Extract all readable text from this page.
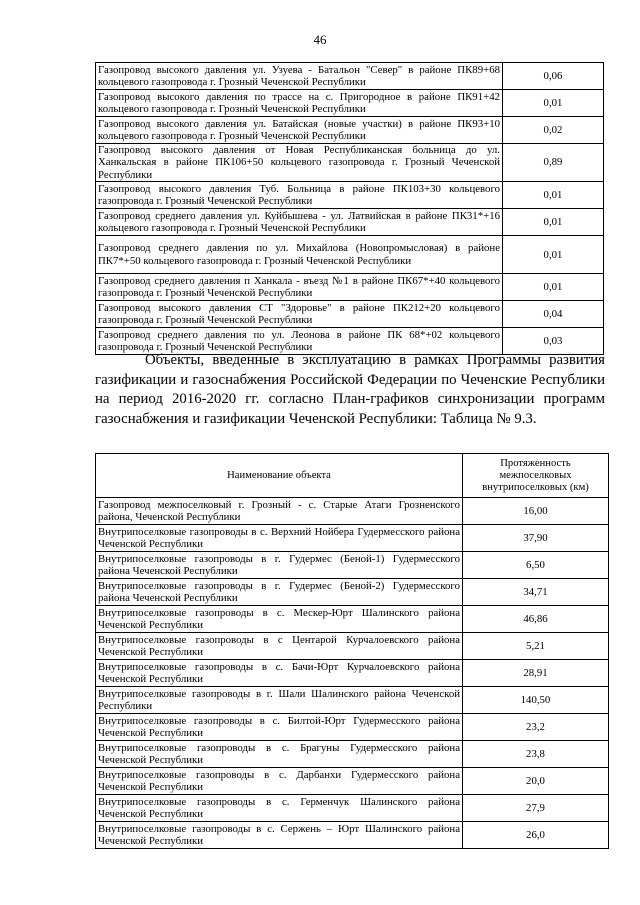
46
Газопровод высокого давления ул. Узуева - Батальон "Север" в районе ПК89+68 кольцевого газопровода г. Грозный Чеченской Республики	0,06
Газопровод высокого давления по трассе на с. Пригородное в районе ПК91+42 кольцевого газопровода г. Грозный Чеченской Республики	0,01
Газопровод высокого давления ул. Батайская (новые участки) в районе ПК93+10 кольцевого газопровода г. Грозный Чеченской Республики	0,02
Газопровод высокого давления от Новая Республиканская больница до ул. Ханкальская в районе ПК106+50 кольцевого газопровода г. Грозный Чеченской Республики	0,89
Газопровод высокого давления Туб. Больница в районе ПК103+30 кольцевого газопровода г. Грозный Чеченской Республики	0,01
Газопровод среднего давления ул. Куйбышева - ул. Латвийская в районе ПК31*+16 кольцевого газопровода г. Грозный Чеченской Республики	0,01
Газопровод среднего давления по ул. Михайлова (Новопромысловая) в районе ПК7*+50 кольцевого газопровода г. Грозный Чеченской Республики	0,01
Газопровод среднего давления п Ханкала - въезд №1 в районе ПК67*+40 кольцевого газопровода г. Грозный Чеченской Республики	0,01
Газопровод высокого давления СТ "Здоровье" в районе ПК212+20 кольцевого газопровода г. Грозный Чеченской Республики	0,04
Газопровод среднего давления по ул. Леонова в районе ПК 68*+02 кольцевого газопровода г. Грозный Чеченской Республики	0,03

Объекты, введенные в эксплуатацию в рамках Программы развития газификации и газоснабжения Российской Федерации по Чеченские Республики на период 2016-2020 гг. согласно План-графиков синхронизации программ газоснабжения и газификации Чеченской Республики: Таблица № 9.3.

Наименование объекта	Протяженность межпоселковых внутрипоселковых (км)
Газопровод межпоселковый г. Грозный - с. Старые Атаги Грозненского района, Чеченской Республики	16,00
Внутрипоселковые газопроводы в с. Верхний Нойбера Гудермесского района Чеченской Республики	37,90
Внутрипоселковые газопроводы в г. Гудермес (Беной-1) Гудермесского района Чеченской Республики	6,50
Внутрипоселковые газопроводы в г. Гудермес (Беной-2) Гудермесского района Чеченской Республики	34,71
Внутрипоселковые газопроводы в с. Мескер-Юрт Шалинского района Чеченской Республики	46,86
Внутрипоселковые газопроводы в с Центарой Курчалоевского района Чеченской Республики	5,21
Внутрипоселковые газопроводы в с. Бачи-Юрт Курчалоевского района Чеченской Республики	28,91
Внутрипоселковые газопроводы в г. Шали Шалинского района Чеченской Республики	140,50
Внутрипоселковые газопроводы в с. Билтой-Юрт Гудермесского района Чеченской Республики	23,2
Внутрипоселковые газопроводы в с. Брагуны Гудермесского района Чеченской Республики	23,8
Внутрипоселковые газопроводы в с. Дарбанхи Гудермесского района Чеченской Республики	20,0
Внутрипоселковые газопроводы в с. Герменчук Шалинского района Чеченской Республики	27,9
Внутрипоселковые газопроводы в с. Сержень – Юрт Шалинского района Чеченской Республики	26,0
